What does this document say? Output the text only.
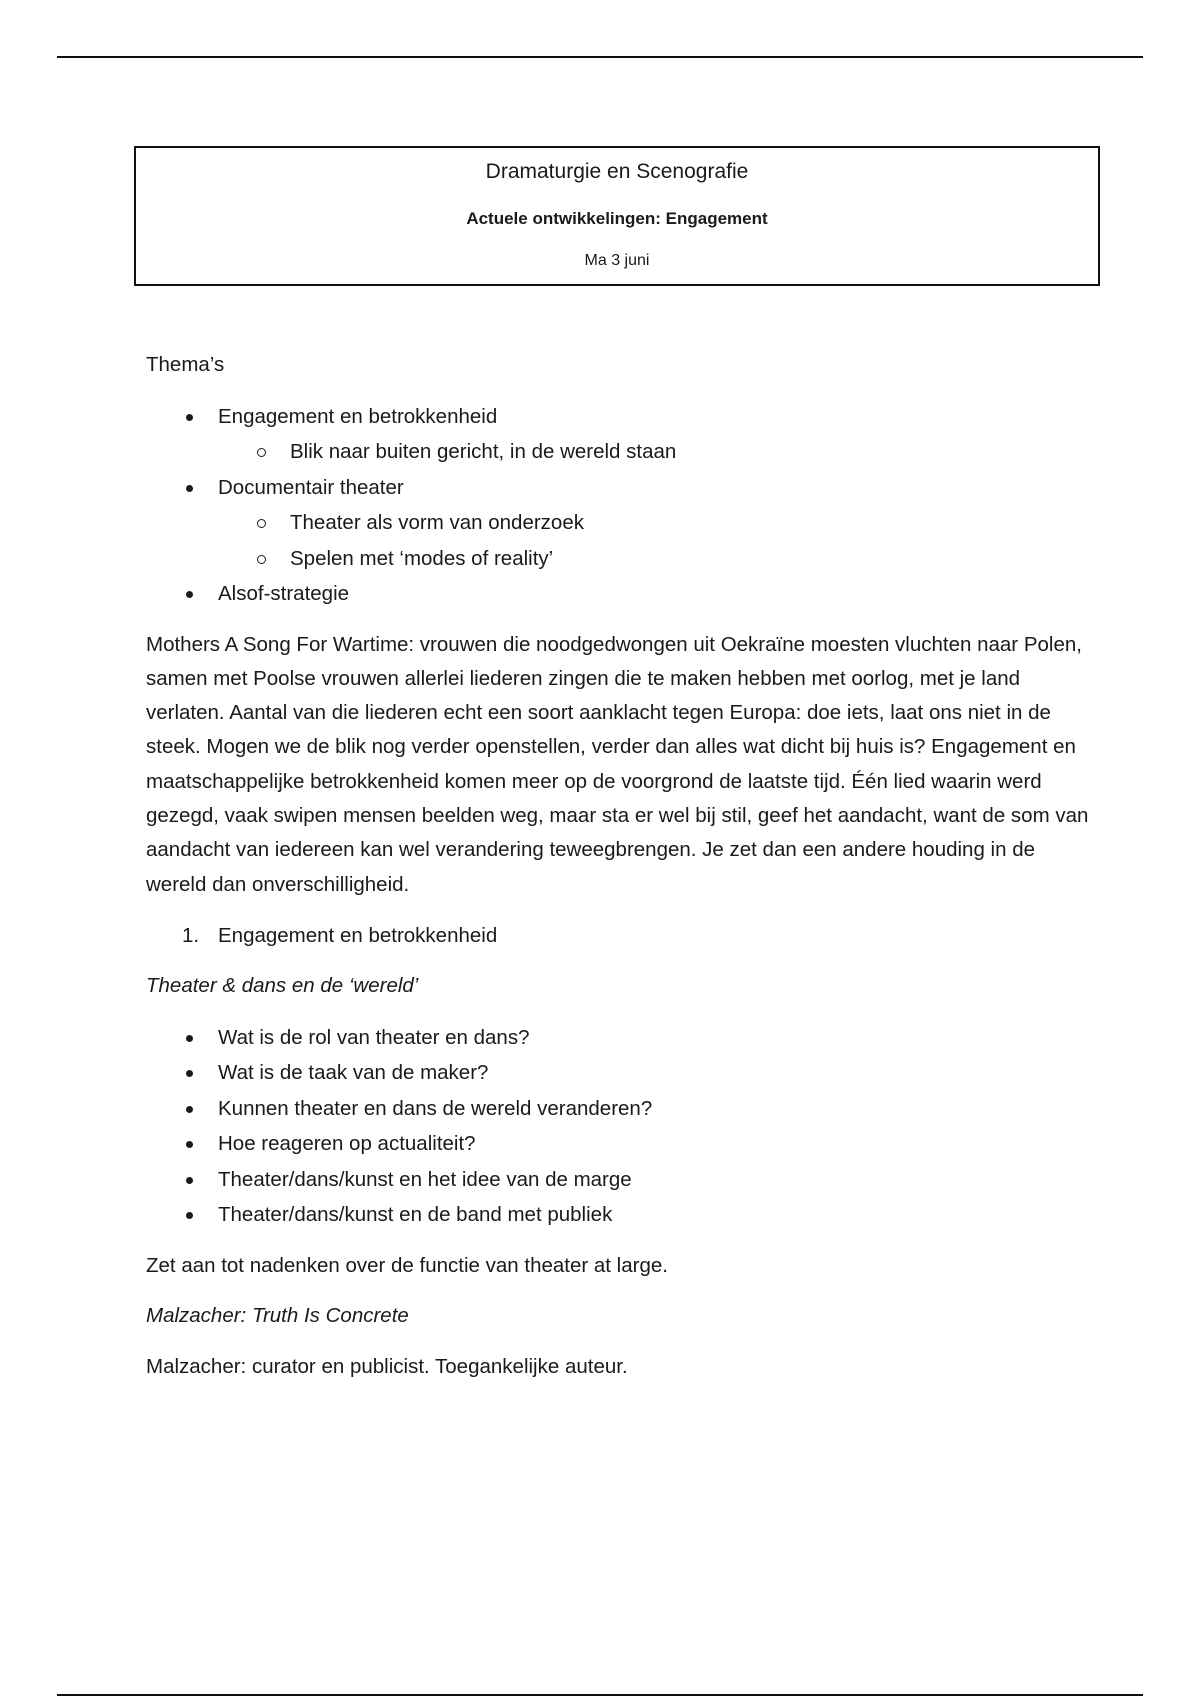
Dramaturgie en Scenografie
Actuele ontwikkelingen: Engagement
Ma 3 juni

Thema’s

Engagement en betrokkenheid
Blik naar buiten gericht, in de wereld staan
Documentair theater
Theater als vorm van onderzoek
Spelen met ‘modes of reality’
Alsof-strategie

Mothers A Song For Wartime: vrouwen die noodgedwongen uit Oekraïne moesten vluchten naar Polen, samen met Poolse vrouwen allerlei liederen zingen die te maken hebben met oorlog, met je land verlaten. Aantal van die liederen echt een soort aanklacht tegen Europa: doe iets, laat ons niet in de steek. Mogen we de blik nog verder openstellen, verder dan alles wat dicht bij huis is? Engagement en maatschappelijke betrokkenheid komen meer op de voorgrond de laatste tijd. Één lied waarin werd gezegd, vaak swipen mensen beelden weg, maar sta er wel bij stil, geef het aandacht, want de som van aandacht van iedereen kan wel verandering teweegbrengen. Je zet dan een andere houding in de wereld dan onverschilligheid.

1. Engagement en betrokkenheid

Theater & dans en de ‘wereld’

Wat is de rol van theater en dans?
Wat is de taak van de maker?
Kunnen theater en dans de wereld veranderen?
Hoe reageren op actualiteit?
Theater/dans/kunst en het idee van de marge
Theater/dans/kunst en de band met publiek

Zet aan tot nadenken over de functie van theater at large.

Malzacher: Truth Is Concrete

Malzacher: curator en publicist. Toegankelijke auteur.
